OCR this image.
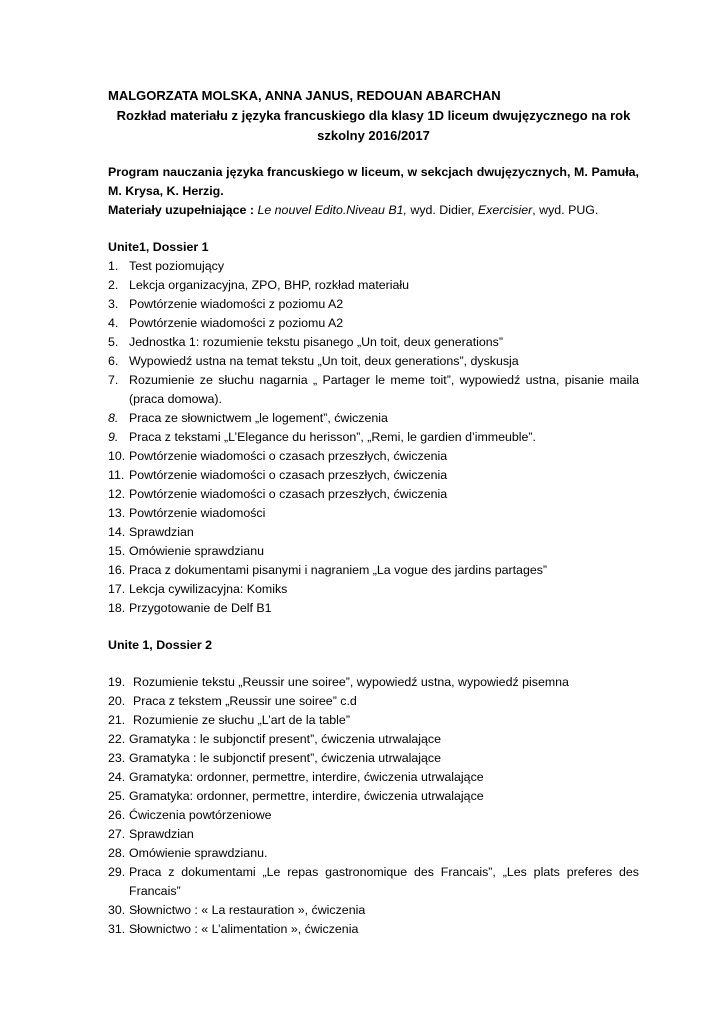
MALGORZATA MOLSKA, ANNA JANUS, REDOUAN ABARCHAN
Rozkład materiału z języka francuskiego dla klasy 1D liceum dwujęzycznego na rok
szkolny 2016/2017
Program nauczania języka francuskiego w liceum, w sekcjach dwujęzycznych, M. Pamuła, M. Krysa, K. Herzig.
Materiały uzupełniające : Le nouvel Edito.Niveau B1, wyd. Didier, Exercisier, wyd. PUG.
Unite1, Dossier 1
1. Test poziomujący
2. Lekcja organizacyjna, ZPO, BHP, rozkład materiału
3. Powtórzenie wiadomości z poziomu A2
4. Powtórzenie wiadomości z poziomu A2
5. Jednostka 1: rozumienie tekstu pisanego „Un toit, deux generations”
6. Wypowiedź ustna na temat tekstu „Un toit, deux generations”, dyskusja
7. Rozumienie ze słuchu nagarnia „ Partager le meme toit”, wypowiedź ustna, pisanie maila (praca domowa).
8. Praca ze słownictwem „le logement”, ćwiczenia
9. Praca z tekstami „L’Elegance du herisson”, „Remi, le gardien d’immeuble”.
10. Powtórzenie wiadomości o czasach przeszłych, ćwiczenia
11. Powtórzenie wiadomości o czasach przeszłych, ćwiczenia
12. Powtórzenie wiadomości o czasach przeszłych, ćwiczenia
13. Powtórzenie wiadomości
14. Sprawdzian
15. Omówienie sprawdzianu
16. Praca z dokumentami pisanymi i nagraniem „La vogue des jardins partages”
17. Lekcja cywilizacyjna: Komiks
18. Przygotowanie de Delf B1
Unite 1, Dossier 2
19. Rozumienie tekstu „Reussir une soiree”, wypowiedź ustna, wypowiedź pisemna
20. Praca z tekstem „Reussir une soiree” c.d
21. Rozumienie ze słuchu „L’art de la table”
22. Gramatyka : le subjonctif present”, ćwiczenia utrwalające
23. Gramatyka : le subjonctif present”, ćwiczenia utrwalające
24. Gramatyka: ordonner, permettre, interdire, ćwiczenia utrwalające
25. Gramatyka: ordonner, permettre, interdire, ćwiczenia utrwalające
26. Ćwiczenia powtórzeniowe
27. Sprawdzian
28. Omówienie sprawdzianu.
29. Praca z dokumentami „Le repas gastronomique des Francais”, „Les plats preferes des Francais”
30. Słownictwo : « La restauration », ćwiczenia
31. Słownictwo : « L’alimentation », ćwiczenia
